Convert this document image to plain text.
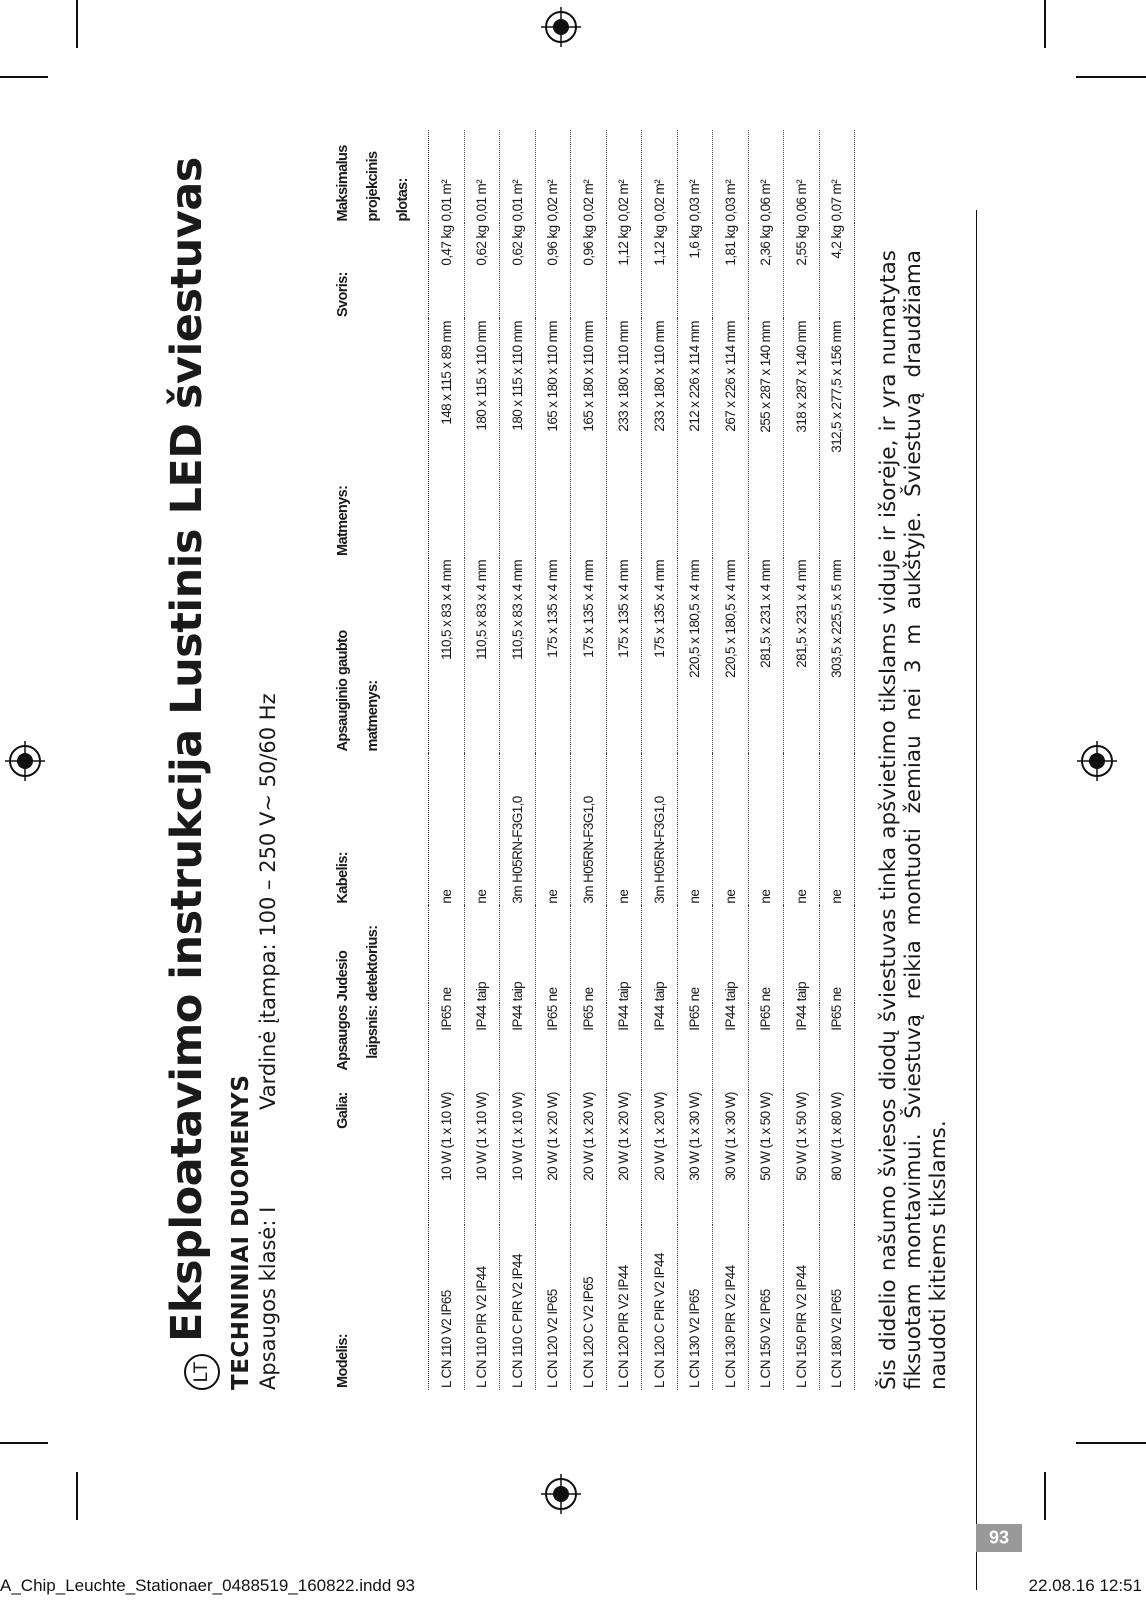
LT
Eksploatavimo instrukcija Lustinis LED šviestuvas TECHNINIAI DUOMENYS Apsaugos klasė: I
Vardinė įtampa: 100 – 250 V~ 50/60 Hz
Modelis:	Galia:	Apsaugos laipsnis:	Judesio detektorius:	Kabelis:	Apsauginio gaubto matmenys:	Matmenys:	Svoris:	Maksimalus projekcinis plotas:
L CN 110 V2 IP65	10 W (1 x 10 W)	IP65	ne	ne	110,5 x 83 x 4 mm	148 x 115 x 89 mm	0,47 kg	0,01 m²
L CN 110 PIR V2 IP44	10 W (1 x 10 W)	IP44	taip	ne	110,5 x 83 x 4 mm	180 x 115 x 110 mm	0,62 kg	0,01 m²
L CN 110 C PIR V2 IP44	10 W (1 x 10 W)	IP44	taip	3m H05RN-F3G1,0	110,5 x 83 x 4 mm	180 x 115 x 110 mm	0,62 kg	0,01 m²
L CN 120 V2 IP65	20 W (1 x 20 W)	IP65	ne	ne	175 x 135 x 4 mm	165 x 180 x 110 mm	0,96 kg	0,02 m²
L CN 120 C V2 IP65	20 W (1 x 20 W)	IP65	ne	3m H05RN-F3G1,0	175 x 135 x 4 mm	165 x 180 x 110 mm	0,96 kg	0,02 m²
L CN 120 PIR V2 IP44	20 W (1 x 20 W)	IP44	taip	ne	175 x 135 x 4 mm	233 x 180 x 110 mm	1,12 kg	0,02 m²
L CN 120 C PIR V2 IP44	20 W (1 x 20 W)	IP44	taip	3m H05RN-F3G1,0	175 x 135 x 4 mm	233 x 180 x 110 mm	1,12 kg	0,02 m²
L CN 130 V2 IP65	30 W (1 x 30 W)	IP65	ne	ne	220,5 x 180,5 x 4 mm	212 x 226 x 114 mm	1,6 kg	0,03 m²
L CN 130 PIR V2 IP44	30 W (1 x 30 W)	IP44	taip	ne	220,5 x 180,5 x 4 mm	267 x 226 x 114 mm	1,81 kg	0,03 m²
L CN 150 V2 IP65	50 W (1 x 50 W)	IP65	ne	ne	281,5 x 231 x 4 mm	255 x 287 x 140 mm	2,36 kg	0,06 m²
L CN 150 PIR V2 IP44	50 W (1 x 50 W)	IP44	taip	ne	281,5 x 231 x 4 mm	318 x 287 x 140 mm	2,55 kg	0,06 m²
L CN 180 V2 IP65	80 W (1 x 80 W)	IP65	ne	ne	303,5 x 225,5 x 5 mm	312,5 x 277,5 x 156 mm	4,2 kg	0,07 m²
Šis didelio našumo šviesos diodų šviestuvas tinka apšvietimo tikslams viduje ir išorėje, ir yra numatytas fiksuotam montavimui. Šviestuvą reikia montuoti žemiau nei 3 m aukštyje. Šviestuvą draudžiama naudoti kitiems tikslams.
93
A_Chip_Leuchte_Stationaer_0488519_160822.indd 93	22.08.16 12:51
